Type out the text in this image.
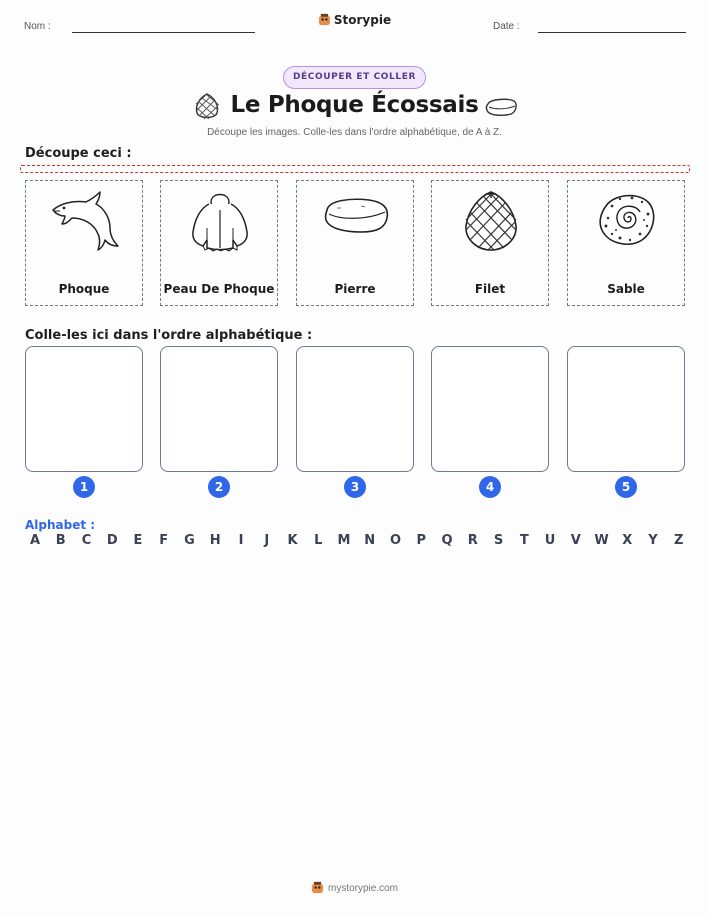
Nom :	Date :
Storypie
DÉCOUPER ET COLLER
Le Phoque Écossais
Découpe les images. Colle-les dans l'ordre alphabétique, de A à Z.
Découpe ceci :
Phoque	Peau De Phoque	Pierre	Filet	Sable
Colle-les ici dans l'ordre alphabétique :
1	2	3	4	5
Alphabet :
A	B	C	D	E	F	G	H	I	J	K	L	M	N	O	P	Q	R	S	T	U	V	W	X	Y	Z
mystorypie.com
